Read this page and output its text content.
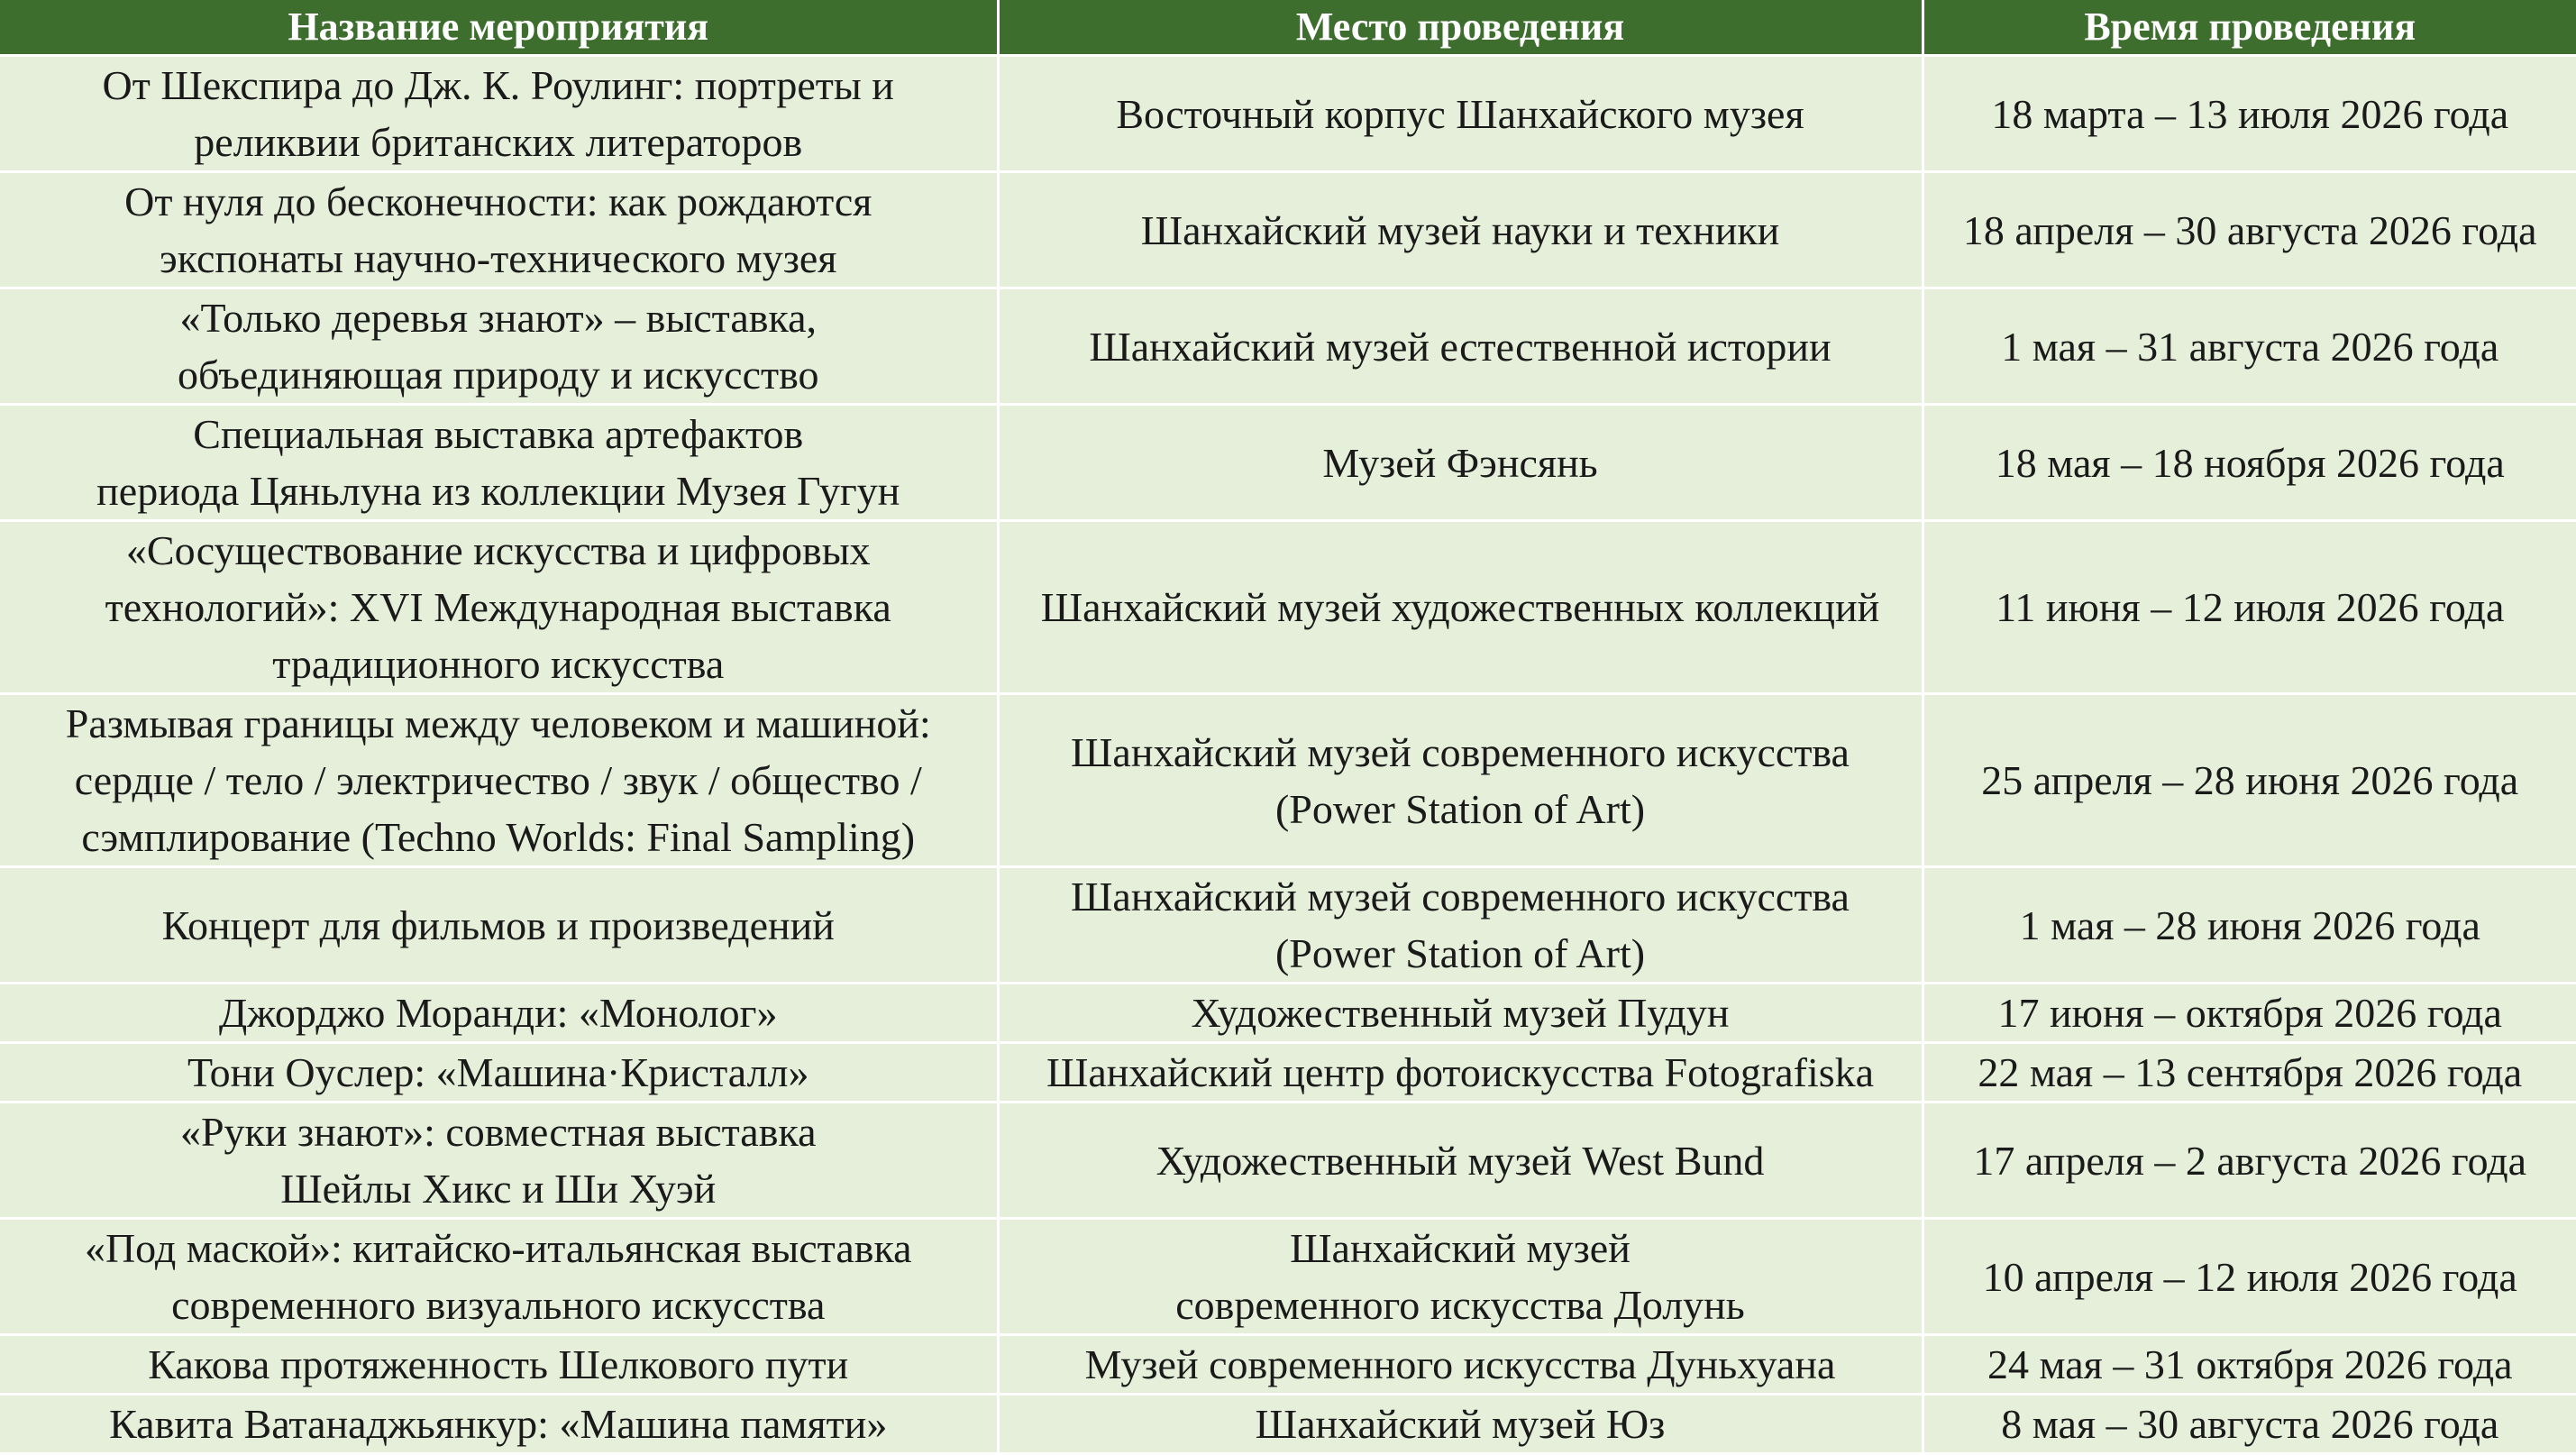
Название мероприятия	Место проведения	Время проведения
От Шекспира до Дж. К. Роулинг: портреты и
реликвии британских литераторов	Восточный корпус Шанхайского музея	18 марта – 13 июля 2026 года
От нуля до бесконечности: как рождаются
экспонаты научно-технического музея	Шанхайский музей науки и техники	18 апреля – 30 августа 2026 года
«Только деревья знают» – выставка,
объединяющая природу и искусство	Шанхайский музей естественной истории	1 мая – 31 августа 2026 года
Специальная выставка артефактов
периода Цяньлуна из коллекции Музея Гугун	Музей Фэнсянь	18 мая – 18 ноября 2026 года
«Сосуществование искусства и цифровых
технологий»: XVI Международная выставка
традиционного искусства	Шанхайский музей художественных коллекций	11 июня – 12 июля 2026 года
Размывая границы между человеком и машиной:
сердце / тело / электричество / звук / общество /
сэмплирование (Techno Worlds: Final Sampling)	Шанхайский музей современного искусства
(Power Station of Art)	25 апреля – 28 июня 2026 года
Концерт для фильмов и произведений	Шанхайский музей современного искусства
(Power Station of Art)	1 мая – 28 июня 2026 года
Джорджо Моранди: «Монолог»	Художественный музей Пудун	17 июня – октября 2026 года
Тони Оуслер: «Машина·Кристалл»	Шанхайский центр фотоискусства Fotografiska	22 мая – 13 сентября 2026 года
«Руки знают»: совместная выставка
Шейлы Хикс и Ши Хуэй	Художественный музей West Bund	17 апреля – 2 августа 2026 года
«Под маской»: китайско-итальянская выставка
современного визуального искусства	Шанхайский музей
современного искусства Долунь	10 апреля – 12 июля 2026 года
Какова протяженность Шелкового пути	Музей современного искусства Дуньхуана	24 мая – 31 октября 2026 года
Кавита Ватанаджьянкур: «Машина памяти»	Шанхайский музей Юз	8 мая – 30 августа 2026 года
